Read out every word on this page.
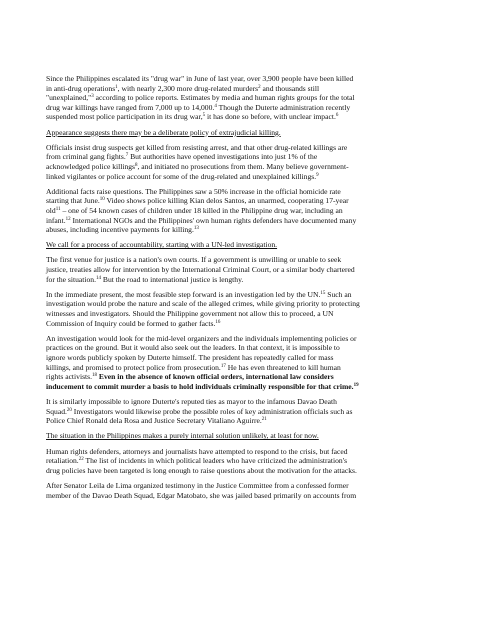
Since the Philippines escalated its "drug war" in June of last year, over 3,900 people have been killed

in anti-drug operations$^1$, with nearly 2,300 more drug-related murders$^2$ and thousands still

"unexplained,"$^3$ according to police reports. Estimates by media and human rights groups for the total

drug war killings have ranged from 7,000 up to 14,000.$^4$ Though the Duterte administration recently

suspended most police participation in its drug war,$^5$ it has done so before, with unclear impact.$^6$

Appearance suggests there may be a deliberate policy of extrajudicial killing.

Officials insist drug suspects get killed from resisting arrest, and that other drug-related killings are

from criminal gang fights.$^7$ But authorities have opened investigations into just 1% of the

acknowledged police killings$^8$, and initiated no prosecutions from them. Many believe government-

linked vigilantes or police account for some of the drug-related and unexplained killings.$^9$

Additional facts raise questions. The Philippines saw a 50% increase in the official homicide rate

starting that June.$^{10}$ Video shows police killing Kian delos Santos, an unarmed, cooperating 17-year

old$^{11}$ – one of 54 known cases of children under 18 killed in the Philippine drug war, including an

infant.$^{12}$ International NGOs and the Philippines' own human rights defenders have documented many

abuses, including incentive payments for killing.$^{13}$

We call for a process of accountability, starting with a UN-led investigation.

The first venue for justice is a nation's own courts. If a government is unwilling or unable to seek

justice, treaties allow for intervention by the International Criminal Court, or a similar body chartered

for the situation.$^{14}$ But the road to international justice is lengthy.

In the immediate present, the most feasible step forward is an investigation led by the UN.$^{15}$ Such an

investigation would probe the nature and scale of the alleged crimes, while giving priority to protecting

witnesses and investigators. Should the Philippine government not allow this to proceed, a UN

Commission of Inquiry could be formed to gather facts.$^{16}$

An investigation would look for the mid-level organizers and the individuals implementing policies or

practices on the ground. But it would also seek out the leaders. In that context, it is impossible to

ignore words publicly spoken by Duterte himself. The president has repeatedly called for mass

killings, and promised to protect police from prosecution.$^{17}$ He has even threatened to kill human

rights activists.$^{18}$ Even in the absence of known official orders, international law considers

inducement to commit murder a basis to hold individuals criminally responsible for that crime.$^{19}$

It is similarly impossible to ignore Duterte's reputed ties as mayor to the infamous Davao Death

Squad.$^{20}$ Investigators would likewise probe the possible roles of key administration officials such as

Police Chief Ronald dela Rosa and Justice Secretary Vitaliano Aguirre.$^{21}$

The situation in the Philippines makes a purely internal solution unlikely, at least for now.

Human rights defenders, attorneys and journalists have attempted to respond to the crisis, but faced

retaliation.$^{22}$ The list of incidents in which political leaders who have criticized the administration's

drug policies have been targeted is long enough to raise questions about the motivation for the attacks.

After Senator Leila de Lima organized testimony in the Justice Committee from a confessed former

member of the Davao Death Squad, Edgar Matobato, she was jailed based primarily on accounts from
